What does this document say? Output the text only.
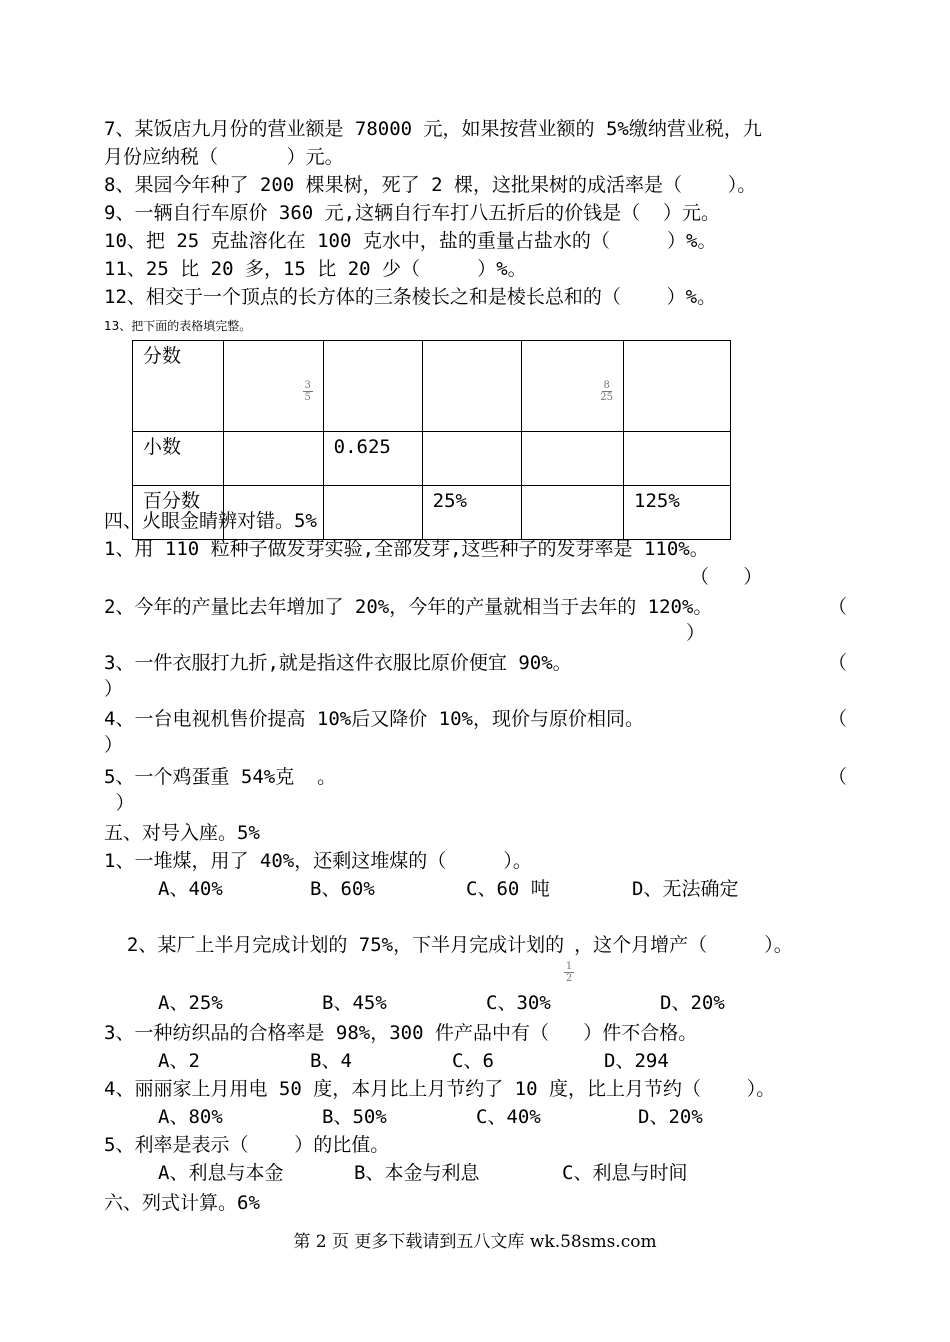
7、某饭店九月份的营业额是 78000 元，如果按营业额的 5%缴纳营业税，九
月份应纳税（      ）元。
8、果园今年种了 200 棵果树，死了 2 棵，这批果树的成活率是（    ）。
9、一辆自行车原价 360 元,这辆自行车打八五折后的价钱是（  ）元。
10、把 25 克盐溶化在 100 克水中，盐的重量占盐水的（     ）%。
11、25 比 20 多，15 比 20 少（     ）%。
12、相交于一个顶点的长方体的三条棱长之和是棱长总和的（    ）%。
13、把下面的表格填完整。
分数	$\frac{3}{5}$			$\frac{8}{25}$

小数		0.625			
百分数			25%		125%
四、火眼金睛辨对错。5%
1、用 110 粒种子做发芽实验,全部发芽,这些种子的发芽率是 110%。
（   ）
2、今年的产量比去年增加了 20%，今年的产量就相当于去年的 120%。	（
）
3、一件衣服打九折,就是指这件衣服比原价便宜 90%。	（
）
4、一台电视机售价提高 10%后又降价 10%，现价与原价相同。	（
）
5、一个鸡蛋重 54%克  。	（
）
五、对号入座。5%
1、一堆煤，用了 40%，还剩这堆煤的（     ）。
A、40%	B、60%	C、60 吨	D、无法确定

2、某厂上半月完成计划的 75%，下半月完成计划的
$\frac{1}{2}$
，这个月增产（     ）。

A、25%	B、45%	C、30%	D、20%
3、一种纺织品的合格率是 98%，300 件产品中有（   ）件不合格。
A、2	B、4	C、6	D、294
4、丽丽家上月用电 50 度，本月比上月节约了 10 度，比上月节约（    ）。
A、80%	B、50%	C、40%	D、20%
5、利率是表示（    ）的比值。
A、利息与本金	B、本金与利息	C、利息与时间
六、列式计算。6%
第 2 页 更多下载请到五八文库 wk.58sms.com
